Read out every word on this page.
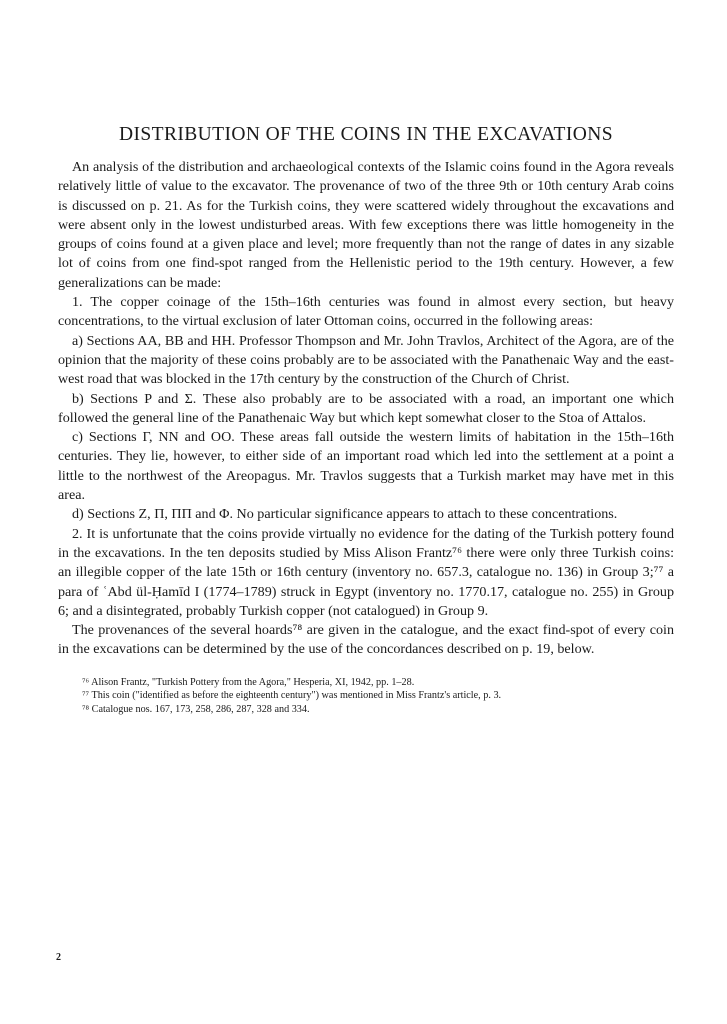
DISTRIBUTION OF THE COINS IN THE EXCAVATIONS

An analysis of the distribution and archaeological contexts of the Islamic coins found in the Agora reveals relatively little of value to the excavator. The provenance of two of the three 9th or 10th century Arab coins is discussed on p. 21. As for the Turkish coins, they were scattered widely throughout the excavations and were absent only in the lowest undisturbed areas. With few exceptions there was little homogeneity in the groups of coins found at a given place and level; more frequently than not the range of dates in any sizable lot of coins from one find-spot ranged from the Hellenistic period to the 19th century. However, a few generalizations can be made:

1. The copper coinage of the 15th–16th centuries was found in almost every section, but heavy concentrations, to the virtual exclusion of later Ottoman coins, occurred in the following areas:

a) Sections AA, BB and HH. Professor Thompson and Mr. John Travlos, Architect of the Agora, are of the opinion that the majority of these coins probably are to be associated with the Panathenaic Way and the east-west road that was blocked in the 17th century by the construction of the Church of Christ.

b) Sections P and Σ. These also probably are to be associated with a road, an important one which followed the general line of the Panathenaic Way but which kept somewhat closer to the Stoa of Attalos.

c) Sections Γ, NN and OO. These areas fall outside the western limits of habitation in the 15th–16th centuries. They lie, however, to either side of an important road which led into the settlement at a point a little to the northwest of the Areopagus. Mr. Travlos suggests that a Turkish market may have met in this area.

d) Sections Z, Π, ΠΠ and Φ. No particular significance appears to attach to these concentrations.

2. It is unfortunate that the coins provide virtually no evidence for the dating of the Turkish pottery found in the excavations. In the ten deposits studied by Miss Alison Frantz⁷⁶ there were only three Turkish coins: an illegible copper of the late 15th or 16th century (inventory no. 657.3, catalogue no. 136) in Group 3;⁷⁷ a para of ʿAbd ül-Ḥamīd I (1774–1789) struck in Egypt (inventory no. 1770.17, catalogue no. 255) in Group 6; and a disintegrated, probably Turkish copper (not catalogued) in Group 9.

The provenances of the several hoards⁷⁸ are given in the catalogue, and the exact find-spot of every coin in the excavations can be determined by the use of the concordances described on p. 19, below.

⁷⁶ Alison Frantz, "Turkish Pottery from the Agora," Hesperia, XI, 1942, pp. 1–28.

⁷⁷ This coin ("identified as before the eighteenth century") was mentioned in Miss Frantz's article, p. 3.

⁷⁸ Catalogue nos. 167, 173, 258, 286, 287, 328 and 334.

2
